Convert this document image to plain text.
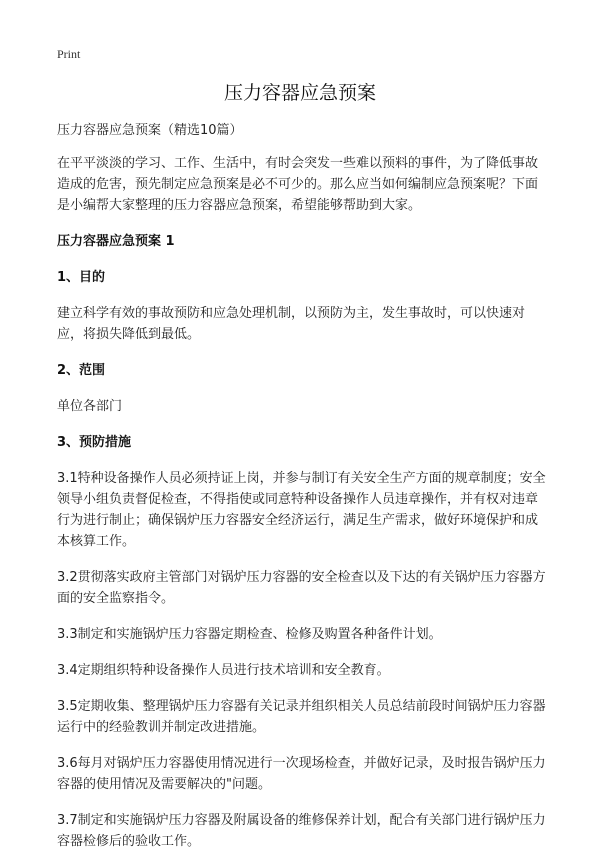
Print
压力容器应急预案

压力容器应急预案（精选10篇）

在平平淡淡的学习、工作、生活中，有时会突发一些难以预料的事件，为了降低事故造成的危害，预先制定应急预案是必不可少的。那么应当如何编制应急预案呢？下面是小编帮大家整理的压力容器应急预案，希望能够帮助到大家。

压力容器应急预案 1

1、目的

建立科学有效的事故预防和应急处理机制，以预防为主，发生事故时，可以快速对应，将损失降低到最低。

2、范围

单位各部门

3、预防措施

3.1特种设备操作人员必须持证上岗，并参与制订有关安全生产方面的规章制度；安全领导小组负责督促检查，不得指使或同意特种设备操作人员违章操作，并有权对违章行为进行制止；确保锅炉压力容器安全经济运行，满足生产需求，做好环境保护和成本核算工作。

3.2贯彻落实政府主管部门对锅炉压力容器的安全检查以及下达的有关锅炉压力容器方面的安全监察指令。

3.3制定和实施锅炉压力容器定期检查、检修及购置各种备件计划。

3.4定期组织特种设备操作人员进行技术培训和安全教育。

3.5定期收集、整理锅炉压力容器有关记录并组织相关人员总结前段时间锅炉压力容器运行中的经验教训并制定改进措施。

3.6每月对锅炉压力容器使用情况进行一次现场检查，并做好记录，及时报告锅炉压力容器的使用情况及需要解决的"问题。

3.7制定和实施锅炉压力容器及附属设备的维修保养计划，配合有关部门进行锅炉压力容器检修后的验收工作。
